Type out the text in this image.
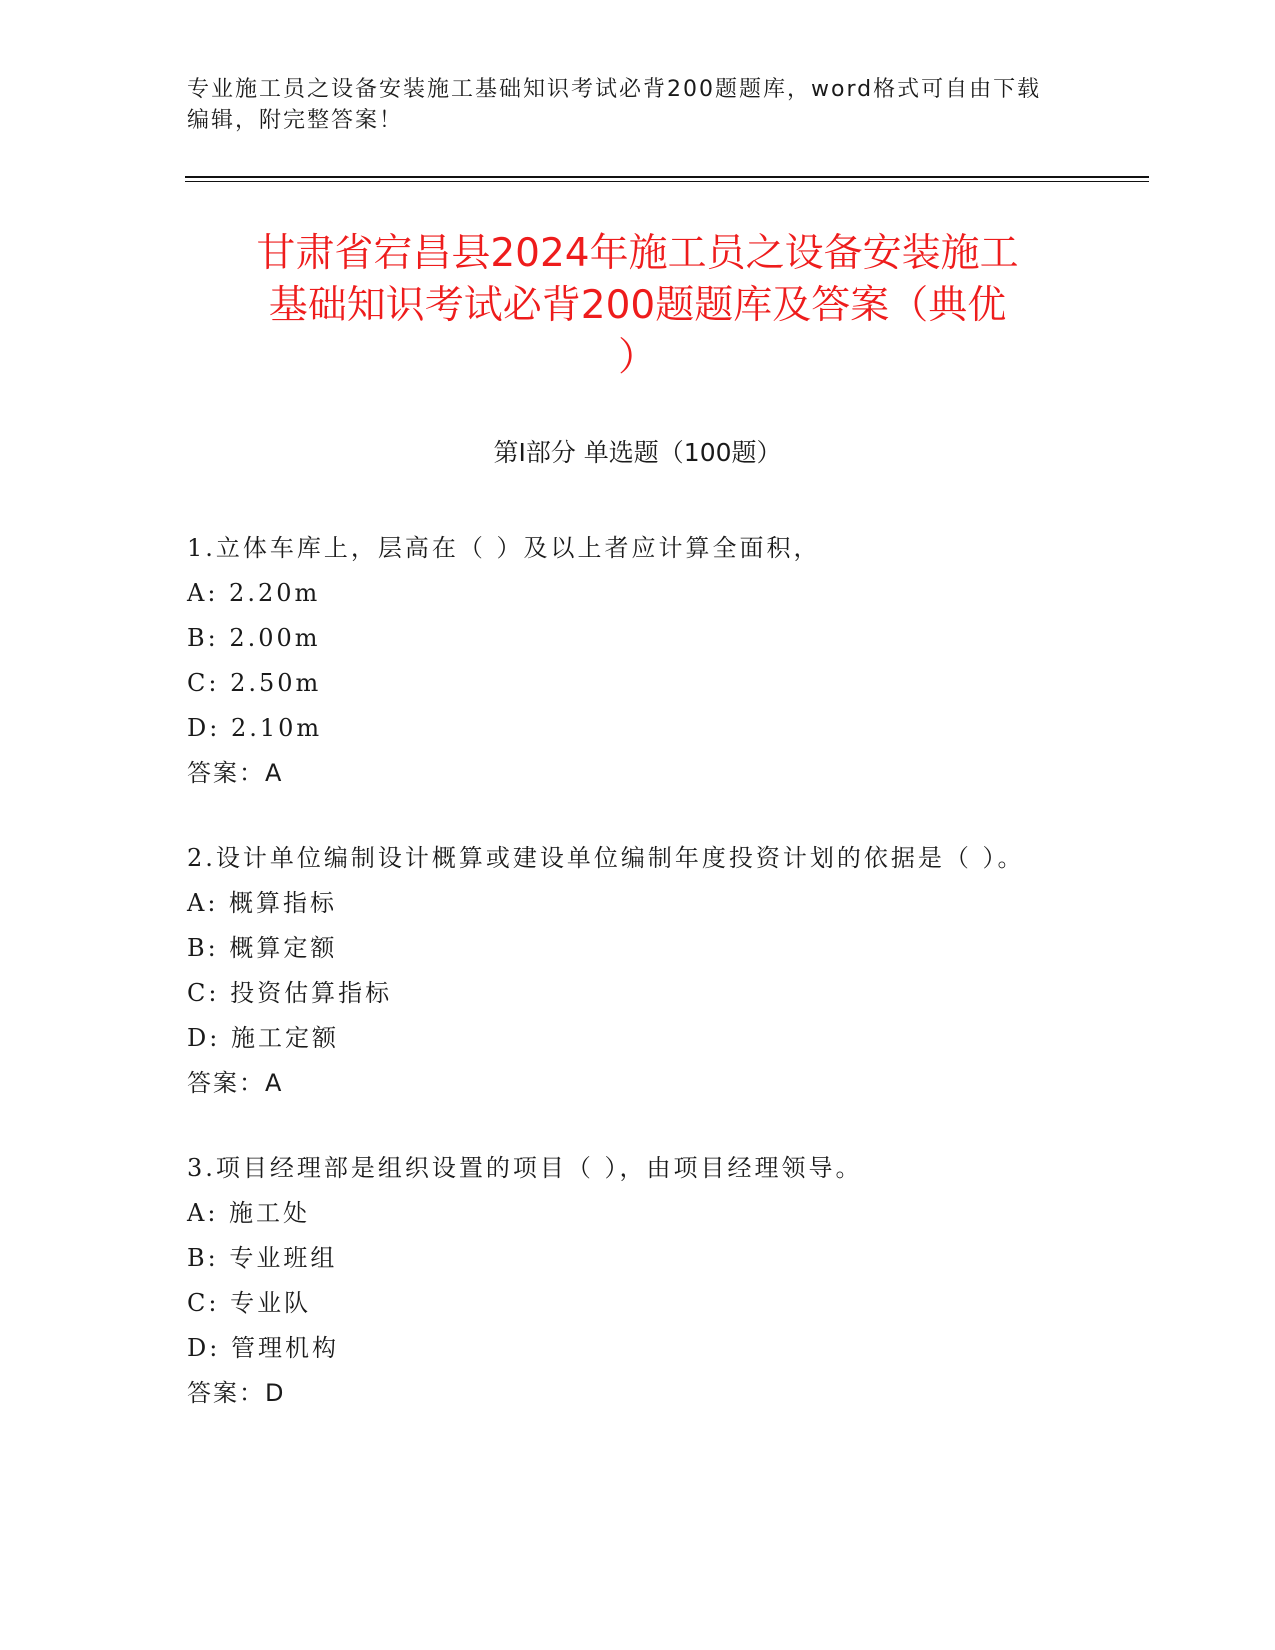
专业施工员之设备安装施工基础知识考试必背200题题库，word格式可自由下载
编辑，附完整答案！
甘肃省宕昌县2024年施工员之设备安装施工
基础知识考试必背200题题库及答案（典优
）
第I部分 单选题（100题）
1.立体车库上，层高在（ ）及以上者应计算全面积，
A: 2.20m
B: 2.00m
C: 2.50m
D: 2.10m
答案：A
2.设计单位编制设计概算或建设单位编制年度投资计划的依据是（ ）。
A: 概算指标
B: 概算定额
C: 投资估算指标
D: 施工定额
答案：A
3.项目经理部是组织设置的项目（ ），由项目经理领导。
A: 施工处
B: 专业班组
C: 专业队
D: 管理机构
答案：D
